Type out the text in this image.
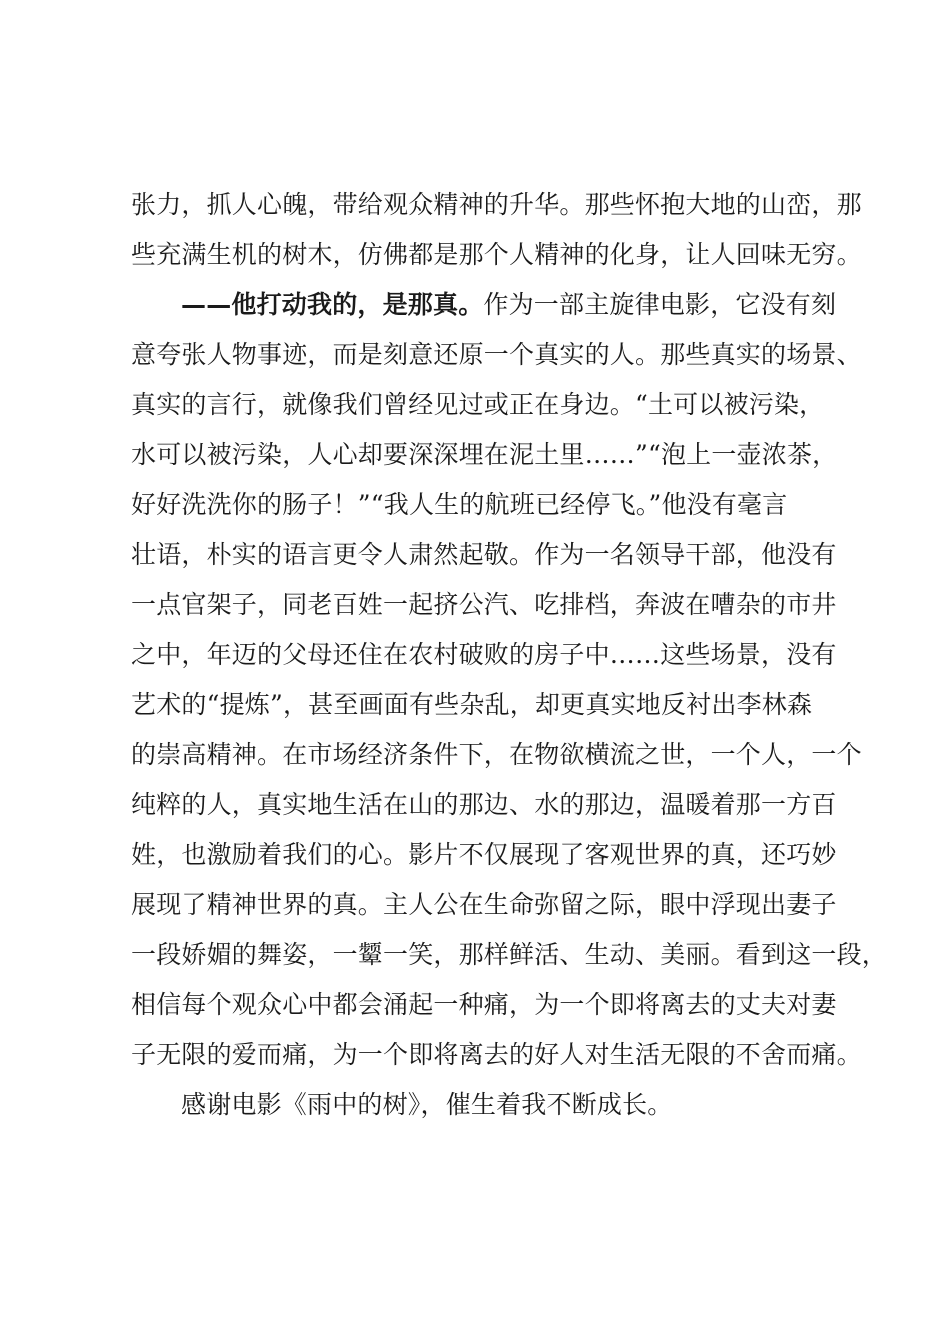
张力，抓人心魄，带给观众精神的升华。那些怀抱大地的山峦，那
些充满生机的树木，仿佛都是那个人精神的化身，让人回味无穷。
——他打动我的，是那真。作为一部主旋律电影，它没有刻
意夸张人物事迹，而是刻意还原一个真实的人。那些真实的场景、
真实的言行，就像我们曾经见过或正在身边。“土可以被污染，
水可以被污染，人心却要深深埋在泥土里……”“泡上一壶浓茶，
好好洗洗你的肠子！”“我人生的航班已经停飞。”他没有毫言
壮语，朴实的语言更令人肃然起敬。作为一名领导干部，他没有
一点官架子，同老百姓一起挤公汽、吃排档，奔波在嘈杂的市井
之中，年迈的父母还住在农村破败的房子中……这些场景，没有
艺术的“提炼”，甚至画面有些杂乱，却更真实地反衬出李林森
的崇高精神。在市场经济条件下，在物欲横流之世，一个人，一个
纯粹的人，真实地生活在山的那边、水的那边，温暖着那一方百
姓，也激励着我们的心。影片不仅展现了客观世界的真，还巧妙
展现了精神世界的真。主人公在生命弥留之际，眼中浮现出妻子
一段娇媚的舞姿，一颦一笑，那样鲜活、生动、美丽。看到这一段，
相信每个观众心中都会涌起一种痛，为一个即将离去的丈夫对妻
子无限的爱而痛，为一个即将离去的好人对生活无限的不舍而痛。
感谢电影《雨中的树》，催生着我不断成长。
